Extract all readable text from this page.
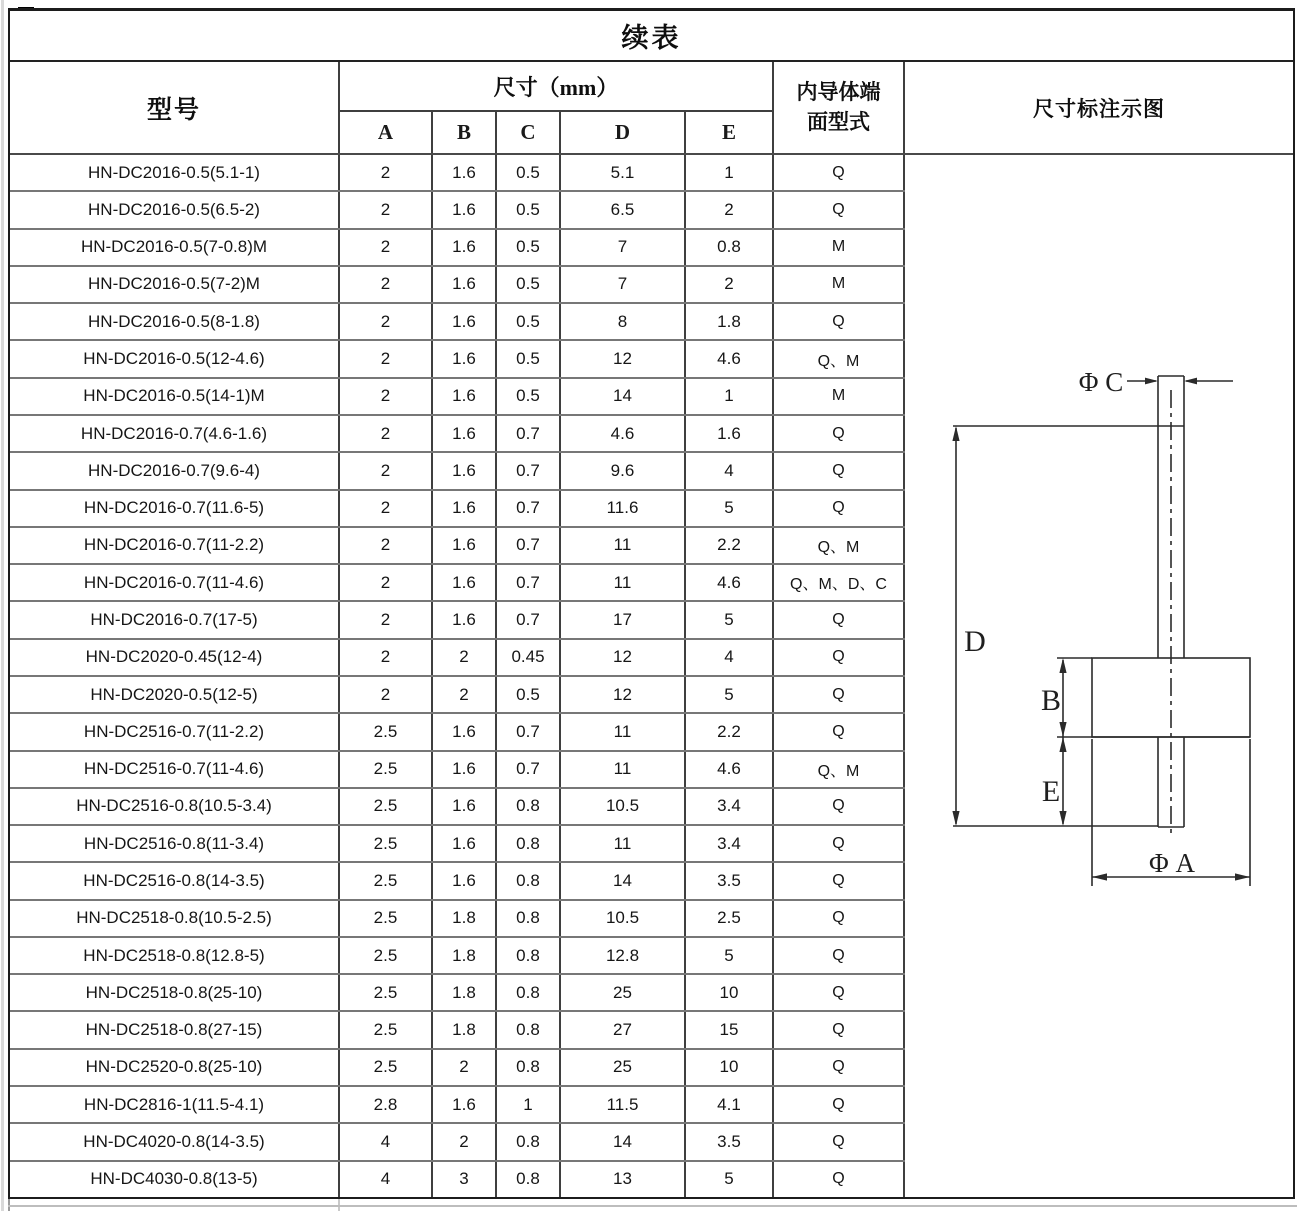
续表
型号
尺寸（mm）
A	B	C	D	E
内导体端
面型式
尺寸标注示图
HN-DC2016-0.5(5.1-1)	2	1.6	0.5	5.1	1	Q
HN-DC2016-0.5(6.5-2)	2	1.6	0.5	6.5	2	Q
HN-DC2016-0.5(7-0.8)M	2	1.6	0.5	7	0.8	M
HN-DC2016-0.5(7-2)M	2	1.6	0.5	7	2	M
HN-DC2016-0.5(8-1.8)	2	1.6	0.5	8	1.8	Q
HN-DC2016-0.5(12-4.6)	2	1.6	0.5	12	4.6	Q、M
HN-DC2016-0.5(14-1)M	2	1.6	0.5	14	1	M
HN-DC2016-0.7(4.6-1.6)	2	1.6	0.7	4.6	1.6	Q
HN-DC2016-0.7(9.6-4)	2	1.6	0.7	9.6	4	Q
HN-DC2016-0.7(11.6-5)	2	1.6	0.7	11.6	5	Q
HN-DC2016-0.7(11-2.2)	2	1.6	0.7	11	2.2	Q、M
HN-DC2016-0.7(11-4.6)	2	1.6	0.7	11	4.6	Q、M、D、C
HN-DC2016-0.7(17-5)	2	1.6	0.7	17	5	Q
HN-DC2020-0.45(12-4)	2	2	0.45	12	4	Q
HN-DC2020-0.5(12-5)	2	2	0.5	12	5	Q
HN-DC2516-0.7(11-2.2)	2.5	1.6	0.7	11	2.2	Q
HN-DC2516-0.7(11-4.6)	2.5	1.6	0.7	11	4.6	Q、M
HN-DC2516-0.8(10.5-3.4)	2.5	1.6	0.8	10.5	3.4	Q
HN-DC2516-0.8(11-3.4)	2.5	1.6	0.8	11	3.4	Q
HN-DC2516-0.8(14-3.5)	2.5	1.6	0.8	14	3.5	Q
HN-DC2518-0.8(10.5-2.5)	2.5	1.8	0.8	10.5	2.5	Q
HN-DC2518-0.8(12.8-5)	2.5	1.8	0.8	12.8	5	Q
HN-DC2518-0.8(25-10)	2.5	1.8	0.8	25	10	Q
HN-DC2518-0.8(27-15)	2.5	1.8	0.8	27	15	Q
HN-DC2520-0.8(25-10)	2.5	2	0.8	25	10	Q
HN-DC2816-1(11.5-4.1)	2.8	1.6	1	11.5	4.1	Q
HN-DC4020-0.8(14-3.5)	4	2	0.8	14	3.5	Q
HN-DC4030-0.8(13-5)	4	3	0.8	13	5	Q
Φ C
D
B
E
Φ A
